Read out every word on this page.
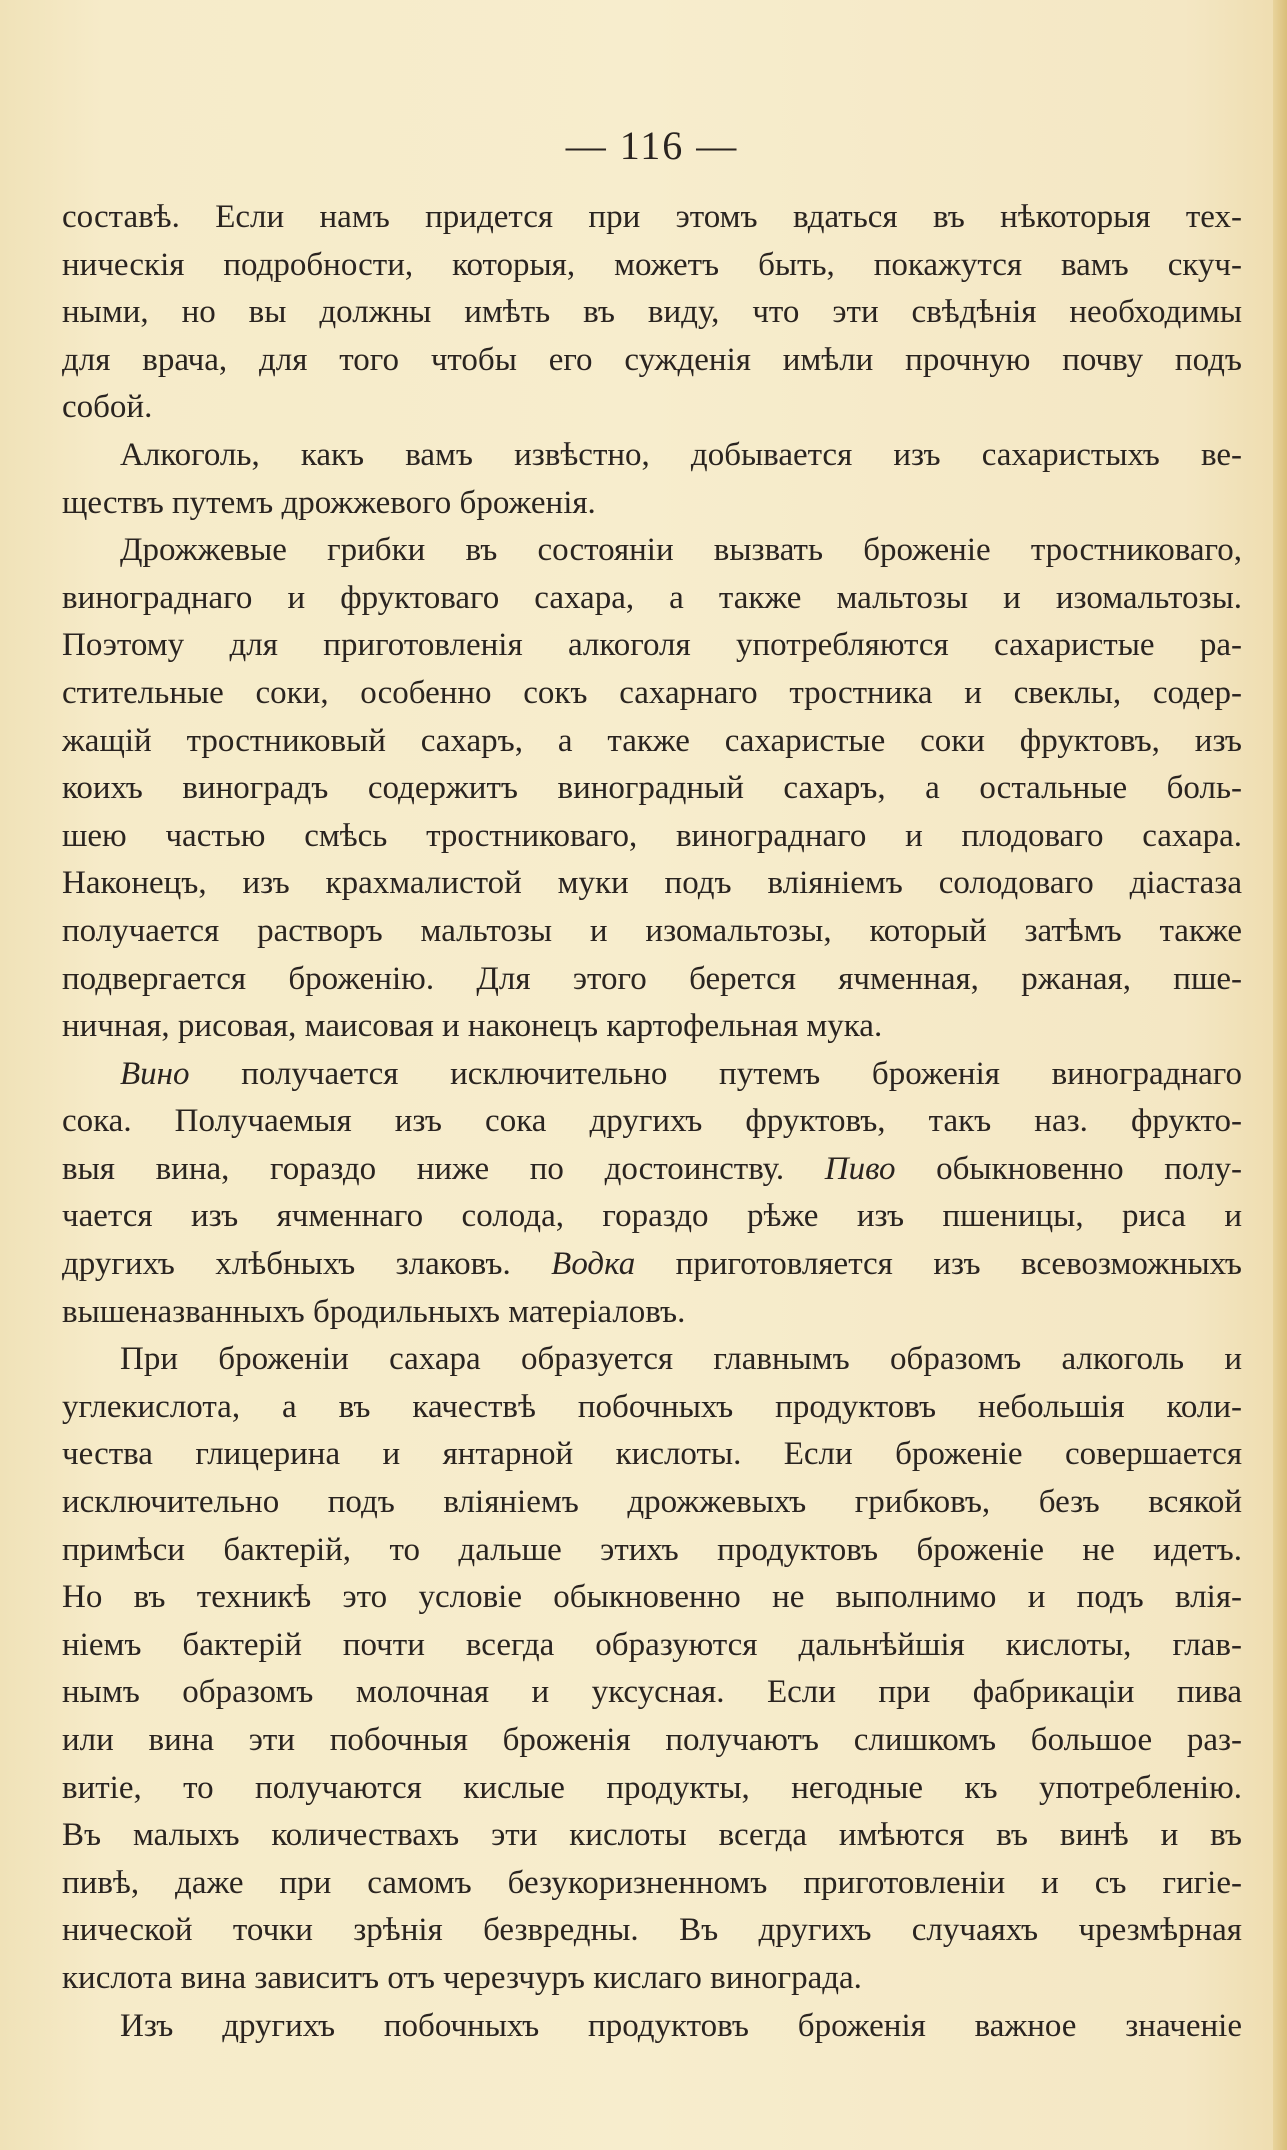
— 116 —
составѣ. Если намъ придется при этомъ вдаться въ нѣкоторыя тех-
ническія подробности, которыя, можетъ быть, покажутся вамъ скуч-
ными, но вы должны имѣть въ виду, что эти свѣдѣнія необходимы
для врача, для того чтобы его сужденія имѣли прочную почву подъ
собой.
Алкоголь, какъ вамъ извѣстно, добывается изъ сахаристыхъ ве-
ществъ путемъ дрожжевого броженія.
Дрожжевые грибки въ состояніи вызвать броженіе тростниковаго,
винограднаго и фруктоваго сахара, а также мальтозы и изомальтозы.
Поэтому для приготовленія алкоголя употребляются сахаристые ра-
стительные соки, особенно сокъ сахарнаго тростника и свеклы, содер-
жащій тростниковый сахаръ, а также сахаристые соки фруктовъ, изъ
коихъ виноградъ содержитъ виноградный сахаръ, а остальные боль-
шею частью смѣсь тростниковаго, винограднаго и плодоваго сахара.
Наконецъ, изъ крахмалистой муки подъ вліяніемъ солодоваго діастаза
получается растворъ мальтозы и изомальтозы, который затѣмъ также
подвергается броженію. Для этого берется ячменная, ржаная, пше-
ничная, рисовая, маисовая и наконецъ картофельная мука.
Вино получается исключительно путемъ броженія винограднаго
сока. Получаемыя изъ сока другихъ фруктовъ, такъ наз. фрукто-
выя вина, гораздо ниже по достоинству. Пиво обыкновенно полу-
чается изъ ячменнаго солода, гораздо рѣже изъ пшеницы, риса и
другихъ хлѣбныхъ злаковъ. Водка приготовляется изъ всевозможныхъ
вышеназванныхъ бродильныхъ матеріаловъ.
При броженіи сахара образуется главнымъ образомъ алкоголь и
углекислота, а въ качествѣ побочныхъ продуктовъ небольшія коли-
чества глицерина и янтарной кислоты. Если броженіе совершается
исключительно подъ вліяніемъ дрожжевыхъ грибковъ, безъ всякой
примѣси бактерій, то дальше этихъ продуктовъ броженіе не идетъ.
Но въ техникѣ это условіе обыкновенно не выполнимо и подъ влія-
ніемъ бактерій почти всегда образуются дальнѣйшія кислоты, глав-
нымъ образомъ молочная и уксусная. Если при фабрикаціи пива
или вина эти побочныя броженія получаютъ слишкомъ большое раз-
витіе, то получаются кислые продукты, негодные къ употребленію.
Въ малыхъ количествахъ эти кислоты всегда имѣются въ винѣ и въ
пивѣ, даже при самомъ безукоризненномъ приготовленіи и съ гигіе-
нической точки зрѣнія безвредны. Въ другихъ случаяхъ чрезмѣрная
кислота вина зависитъ отъ черезчуръ кислаго винограда.
Изъ другихъ побочныхъ продуктовъ броженія важное значеніе
